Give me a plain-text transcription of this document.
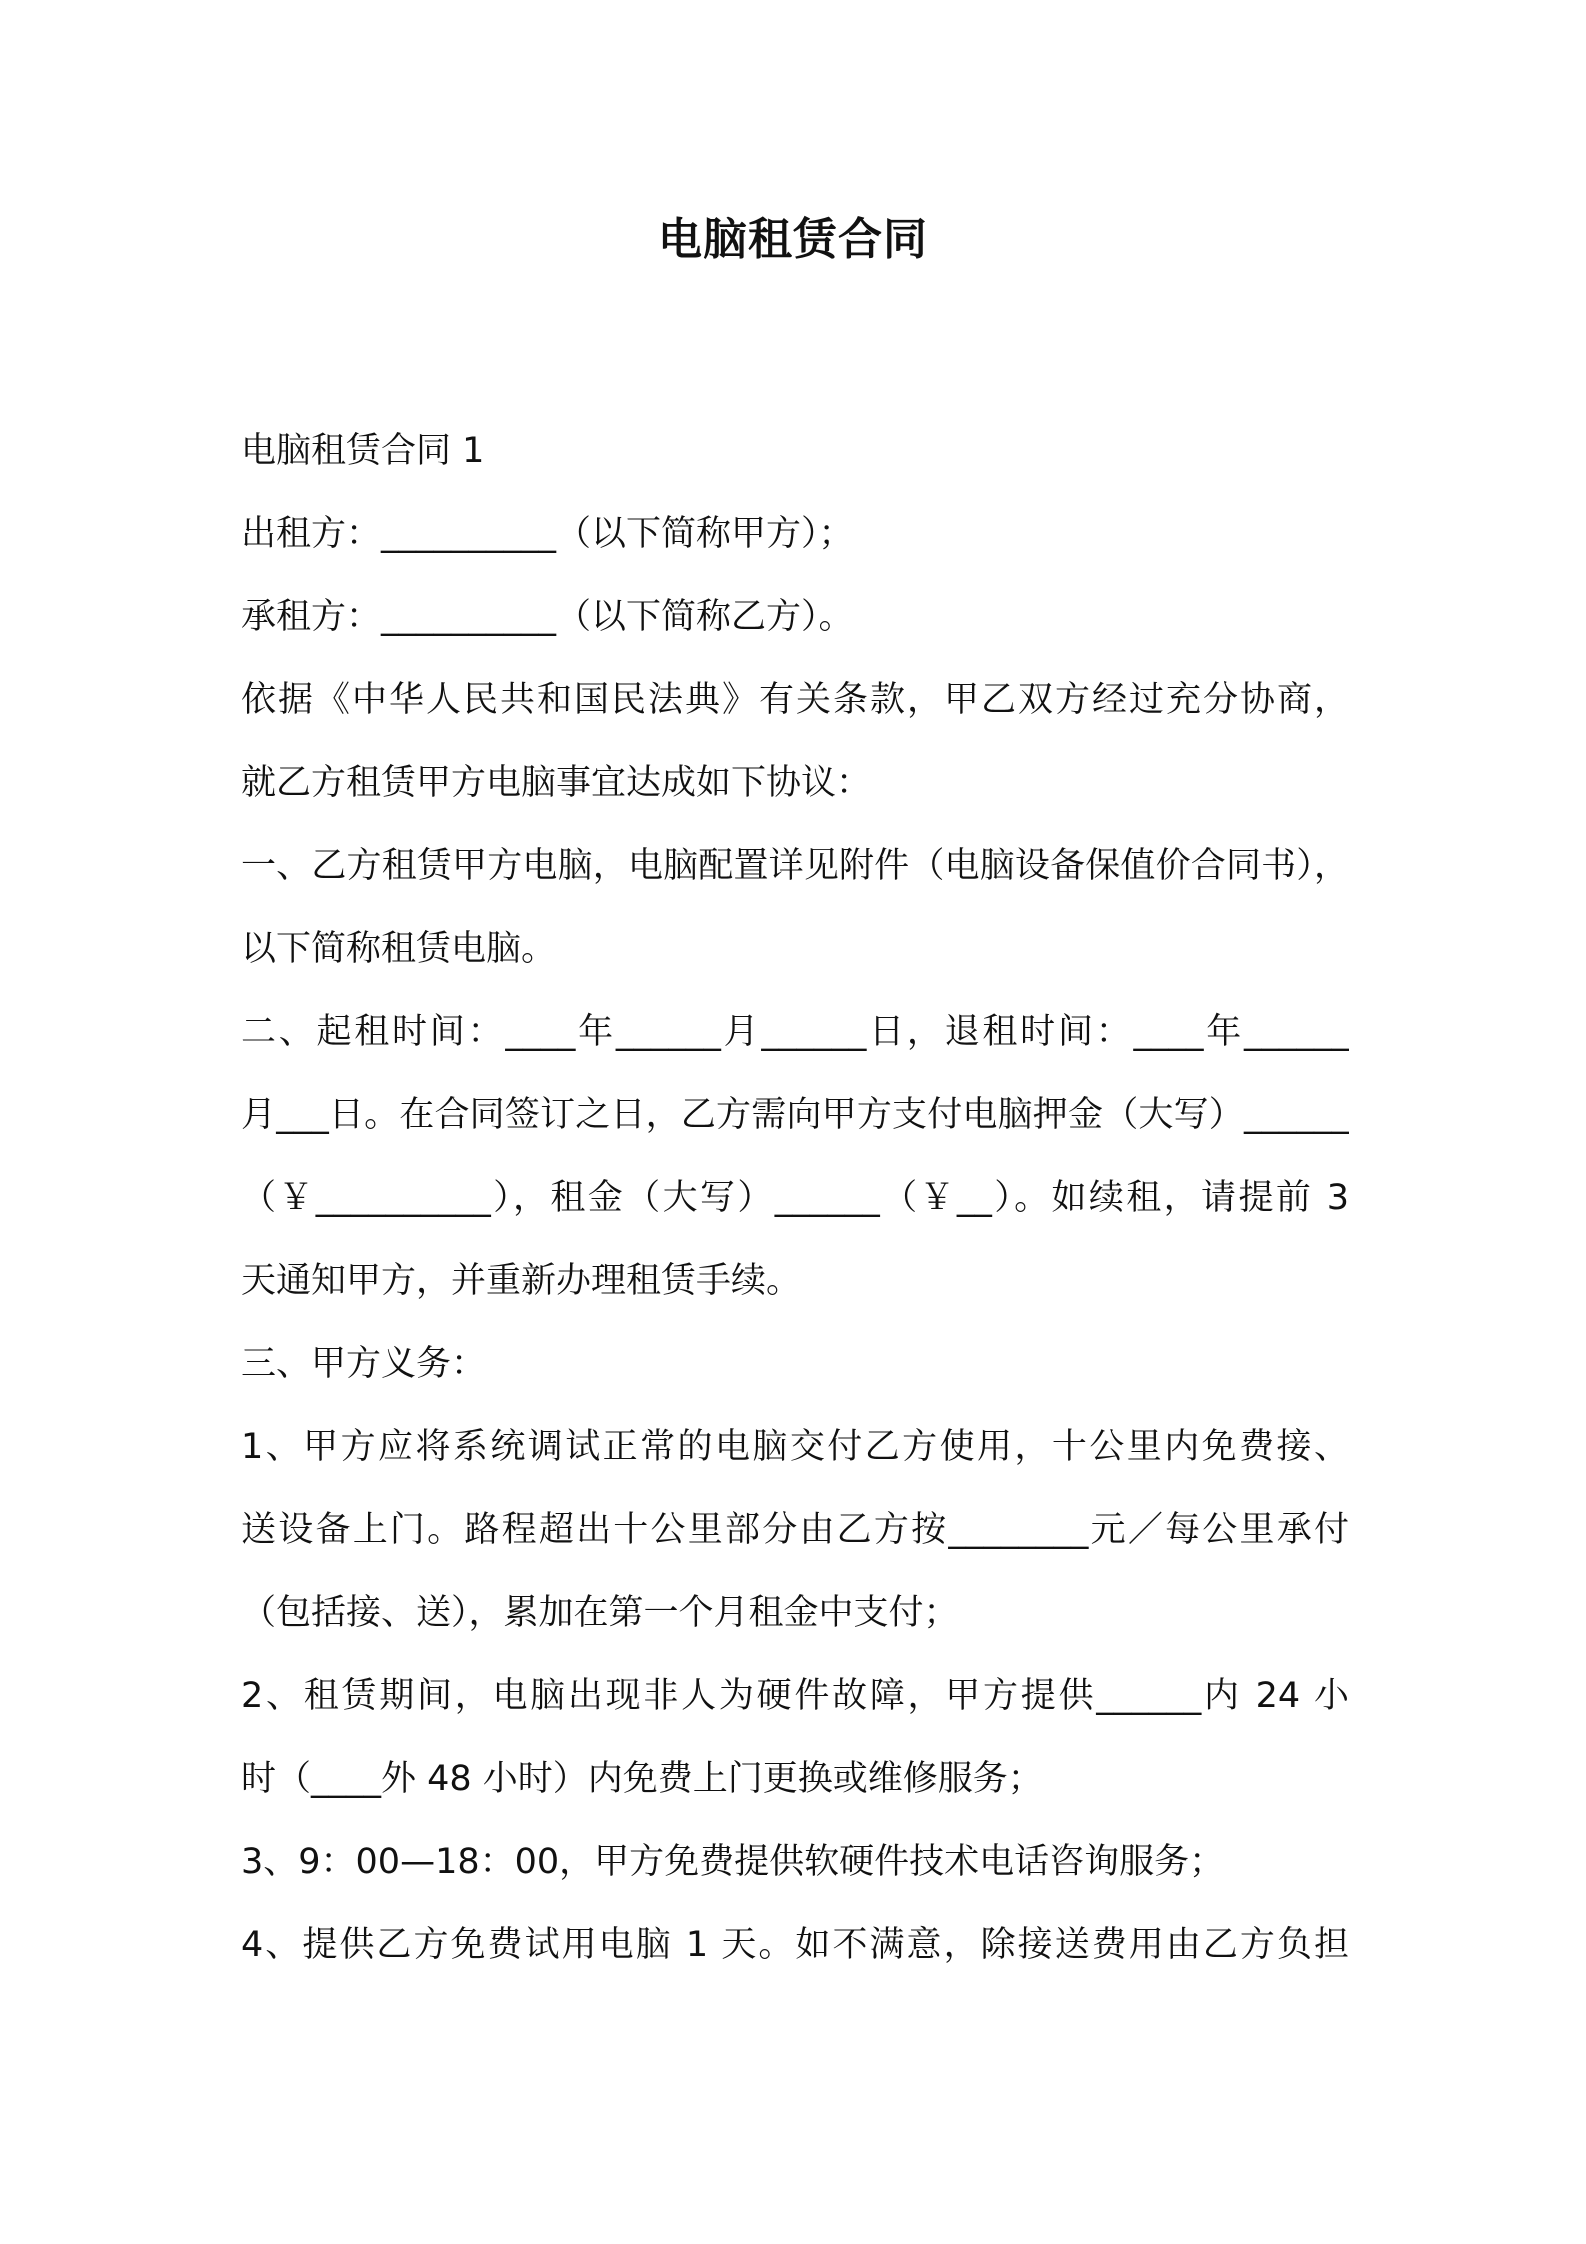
电脑租赁合同
电脑租赁合同 1
出租方：__________（以下简称甲方）；
承租方：__________（以下简称乙方）。
依据《中华人民共和国民法典》有关条款，甲乙双方经过充分协商，
就乙方租赁甲方电脑事宜达成如下协议：
一、乙方租赁甲方电脑，电脑配置详见附件（电脑设备保值价合同书），
以下简称租赁电脑。
二、起租时间：____年______月______日，退租时间：____年______
月___日。在合同签订之日，乙方需向甲方支付电脑押金（大写）______
（￥__________），租金（大写）______（￥__）。如续租，请提前 3
天通知甲方，并重新办理租赁手续。
三、甲方义务：
1、甲方应将系统调试正常的电脑交付乙方使用，十公里内免费接、
送设备上门。路程超出十公里部分由乙方按________元／每公里承付
（包括接、送），累加在第一个月租金中支付；
2、租赁期间，电脑出现非人为硬件故障，甲方提供______内 24 小
时（____外 48 小时）内免费上门更换或维修服务；
3、9：00—18：00，甲方免费提供软硬件技术电话咨询服务；
4、提供乙方免费试用电脑 1 天。如不满意，除接送费用由乙方负担
